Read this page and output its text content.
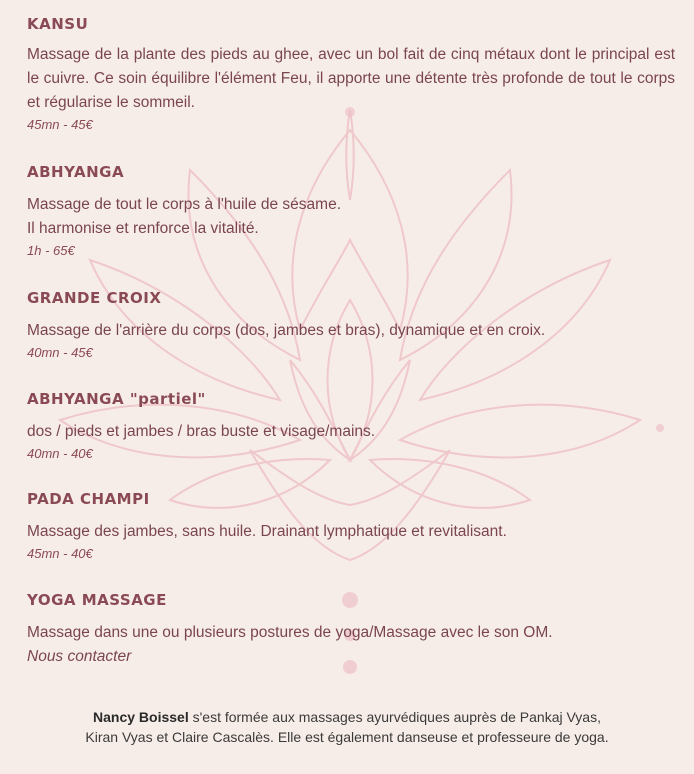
KANSU

Massage de la plante des pieds au ghee, avec un bol fait de cinq métaux dont le principal est le cuivre. Ce soin équilibre l'élément Feu, il apporte une détente très profonde de tout le corps et régularise le sommeil.

45mn - 45€
ABHYANGA

Massage de tout le corps à l'huile de sésame.

Il harmonise et renforce la vitalité.

1h - 65€
GRANDE CROIX

Massage de l'arrière du corps (dos, jambes et bras), dynamique et en croix.

40mn - 45€
ABHYANGA "partiel"

dos / pieds et jambes / bras buste et visage/mains.

40mn - 40€
PADA CHAMPI

Massage des jambes, sans huile. Drainant lymphatique et revitalisant.

45mn - 40€
YOGA MASSAGE

Massage dans une ou plusieurs postures de yoga/Massage avec le son OM.

Nous contacter
Nancy Boissel s'est formée aux massages ayurvédiques auprès de Pankaj Vyas,
Kiran Vyas et Claire Cascalès. Elle est également danseuse et professeure de yoga.
